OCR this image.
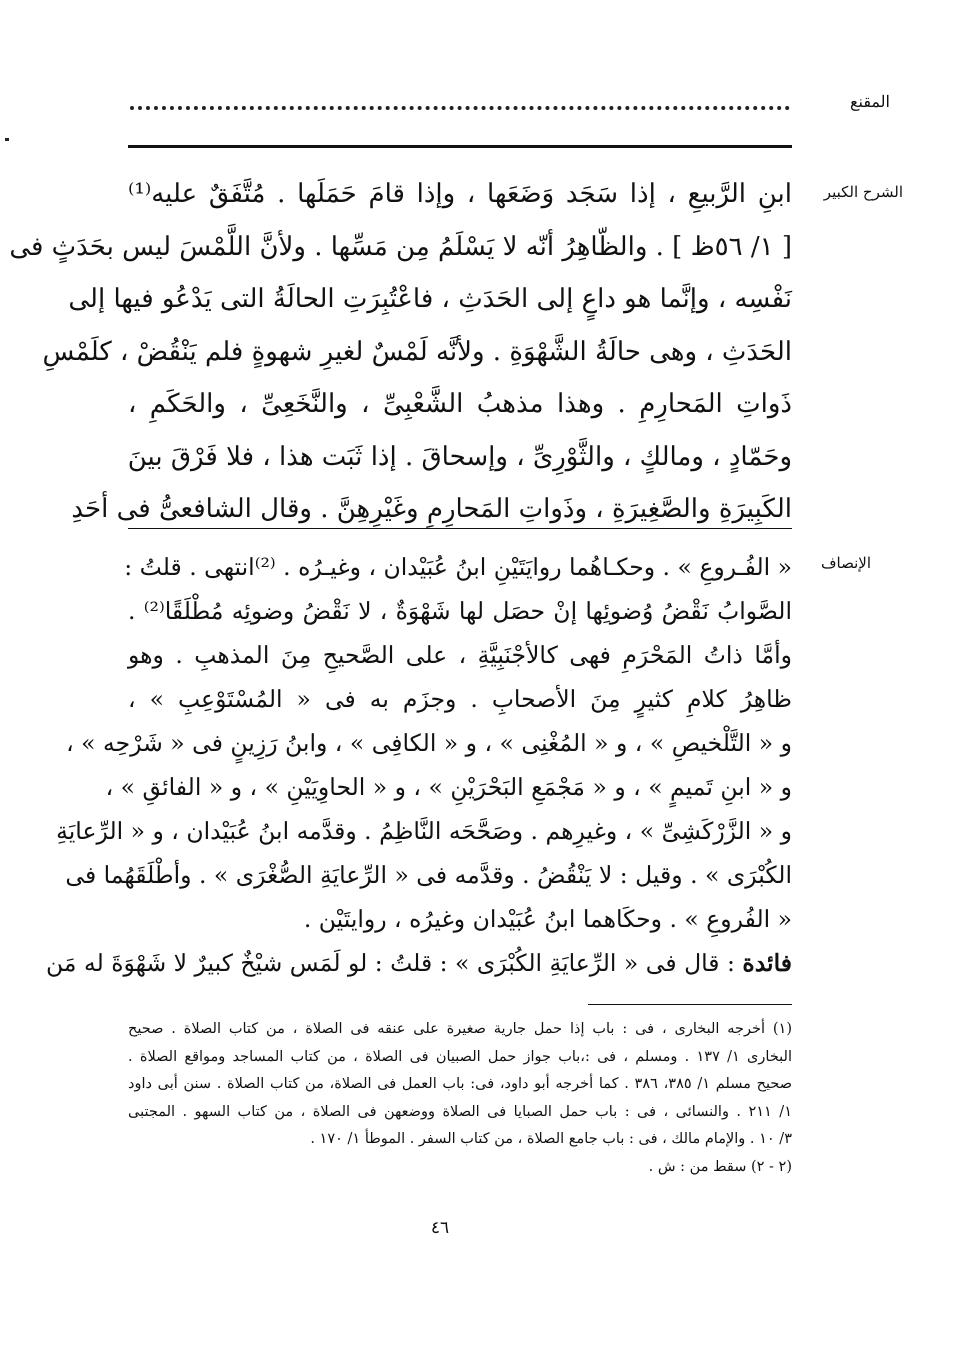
المقنع
الشرح الكبير
ابنِ الرَّبيعِ ، إذا سَجَد وَضَعَها ، وإذا قامَ حَمَلَها . مُتَّفَقٌ عليه⁽¹⁾
[ ١/ ٥٦ظ ] . والظّاهِرُ أنّه لا يَسْلَمُ مِن مَسِّها . ولأنَّ اللَّمْسَ ليس بحَدَثٍ فى
نَفْسِه ، وإنَّما هو داعٍ إلى الحَدَثِ ، فاعْتُبِرَتِ الحالَةُ التى يَدْعُو فيها إلى
الحَدَثِ ، وهى حالَةُ الشَّهْوَةِ . ولأنَّه لَمْسٌ لغيرِ شهوةٍ فلم يَنْقُضْ ، كلَمْسِ
ذَواتِ المَحارِمِ . وهذا مذهبُ الشَّعْبِىِّ ، والنَّخَعِىِّ ، والحَكَمِ ،
وحَمّادٍ ، ومالكٍ ، والثَّوْرِىِّ ، وإسحاقَ . إذا ثَبَت هذا ، فلا فَرْقَ بينَ
الكَبِيرَةِ والصَّغِيرَةِ ، وذَواتِ المَحارِمِ وغَيْرِهِنَّ . وقال الشافعىُّ فى أحَدِ
الإنصاف
« الفُـروعِ » . وحكـاهُما روايَتَيْنِ ابنُ عُبَيْدان ، وغيـرُه . ⁽²⁾انتهى . قلتُ :
الصَّوابُ نَقْضُ وُضوئِها إنْ حصَل لها شَهْوَةٌ ، لا نَقْضُ وضوئِه مُطْلَقًا⁽²⁾ .
وأمَّا ذاتُ المَحْرَمِ فهى كالأجْنَبِيَّةِ ، على الصَّحيحِ مِنَ المذهبِ . وهو
ظاهِرُ كلامِ كثيرٍ مِنَ الأصحابِ . وجزَم به فى « المُسْتَوْعِبِ » ،
و « التَّلْخيصِ » ، و « المُغْنِى » ، و « الكافِى » ، وابنُ رَزِينٍ فى « شَرْحِه » ،
و « ابنِ تَميمٍ » ، و « مَجْمَعِ البَحْرَيْنِ » ، و « الحاوِيَيْنِ » ، و « الفائقِ » ،
و « الزَّرْكَشِىِّ » ، وغيرِهم . وصَحَّحَه النَّاظِمُ . وقدَّمه ابنُ عُبَيْدان ، و « الرِّعايَةِ
الكُبْرَى » . وقيل : لا يَنْقُضُ . وقدَّمه فى « الرِّعايَةِ الصُّغْرَى » . وأطْلَقَهُما فى
« الفُروعِ » . وحكَاهما ابنُ عُبَيْدان وغيرُه ، روايتَيْن .
فائدة : قال فى « الرِّعايَةِ الكُبْرَى » : قلتُ : لو لَمَس شيْخٌ كبيرٌ لا شَهْوَةَ له مَن
(١) أخرجه البخارى ، فى : باب إذا حمل جارية صغيرة على عنقه فى الصلاة ، من كتاب الصلاة . صحيح
البخارى ١/ ١٣٧ . ومسلم ، فى :،باب جواز حمل الصبيان فى الصلاة ، من كتاب المساجد ومواقع الصلاة .
صحيح مسلم ١/ ٣٨٥، ٣٨٦ . كما أخرجه أبو داود، فى: باب العمل فى الصلاة، من كتاب الصلاة . سنن أبى داود
١/ ٢١١ . والنسائى ، فى : باب حمل الصبايا فى الصلاة ووضعهن فى الصلاة ، من كتاب السهو . المجتبى
٣/ ١٠ . والإمام مالك ، فى : باب جامع الصلاة ، من كتاب السفر . الموطأ ١/ ١٧٠ .
(٢ - ٢) سقط من : ش .
٤٦
